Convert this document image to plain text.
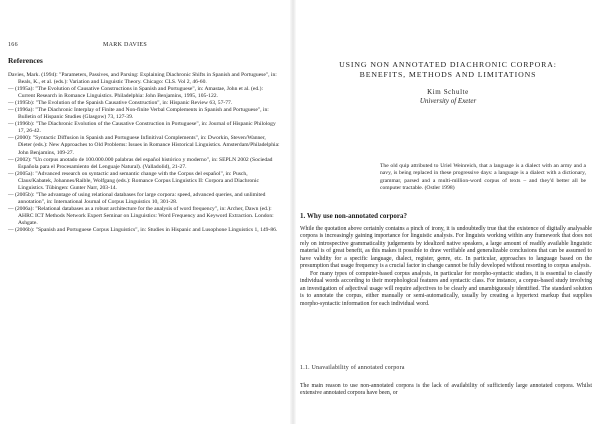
166	MARK DAVIES
References

Davies, Mark. (1994): "Parameters, Passives, and Parsing: Explaining Diachronic Shifts in Spanish and Portuguese", in: Beals, K., et al. (eds.): Variation and Linguistic Theory. Chicago: CLS. Vol 2, 46-60.

— (1995a): "The Evolution of Causative Constructions in Spanish and Portuguese", in: Amastae, John et al. (ed.): Current Research in Romance Linguistics. Philadelphia: John Benjamins, 1995, 105-122.

— (1995b): "The Evolution of the Spanish Causative Construction", in: Hispanic Review 63, 57-77.

— (1996a): "The Diachronic Interplay of Finite and Non-finite Verbal Complements in Spanish and Portuguese", in: Bulletin of Hispanic Studies (Glasgow) 73, 127-39.

— (1996b): "The Diachronic Evolution of the Causative Construction in Portuguese", in: Journal of Hispanic Philology 17, 26-42.

— (2000): "Syntactic Diffusion in Spanish and Portuguese Infinitival Complements", in: Dworkin, Steven/Wanner, Dieter (eds.): New Approaches to Old Problems: Issues in Romance Historical Linguistics. Amsterdam/Philadelphia: John Benjamins, 109-27.

— (2002): "Un corpus anotado de 100.000.000 palabras del español histórico y moderno", in: SEPLN 2002 (Sociedad Española para el Procesamiento del Lenguaje Natural). (Valladolid), 21-27.

— (2005a): "Advanced research on syntactic and semantic change with the Corpus del español", in: Pusch, Claus/Kabatek, Johannes/Raible, Wolfgang (eds.): Romance Corpus Linguistics II: Corpora and Diachronic Linguistics. Tübingen: Gunter Narr, 203-14.

— (2005b): "The advantage of using relational databases for large corpora: speed, advanced queries, and unlimited annotation", in: International Journal of Corpus Linguistics 10, 301-28.

— (2006a): "Relational databases as a robust architecture for the analysis of word frequency", in: Archer, Dawn (ed.): AHRC ICT Methods Network Expert Seminar on Linguistics: Word Frequency and Keyword Extraction. London: Ashgate.

— (2006b): "Spanish and Portuguese Corpus Linguistics", in: Studies in Hispanic and Lusophone Linguistics 1, 149-86.

USING NON ANNOTATED DIACHRONIC CORPORA:
BENEFITS, METHODS AND LIMITATIONS
Kim Schulte
University of Exeter
The old quip attributed to Uriel Weinreich, that a language is a dialect with an army and a navy, is being replaced in these progressive days: a language is a dialect with a dictionary, grammar, parsed and a multi-million-word corpus of texts – and they'd better all be computer tractable. (Ostler 1998)
1. Why use non-annotated corpora?

While the quotation above certainly contains a pinch of irony, it is undoubtedly true that the existence of digitally analysable corpora is increasingly gaining importance for linguistic analysis. For linguists working within any framework that does not rely on introspective grammaticality judgements by idealized native speakers, a large amount of readily available linguistic material is of great benefit, as this makes it possible to draw verifiable and generalizable conclusions that can be assumed to have validity for a specific language, dialect, register, genre, etc. In particular, approaches to language based on the presumption that usage frequency is a crucial factor in change cannot be fully developed without resorting to corpus analysis.

For many types of computer-based corpus analysis, in particular for morpho-syntactic studies, it is essential to classify individual words according to their morphological features and syntactic class. For instance, a corpus-based study involving an investigation of adjectival usage will require adjectives to be clearly and unambiguously identified. The standard solution is to annotate the corpus, either manually or semi-automatically, usually by creating a hypertext markup that supplies morpho-syntactic information for each individual word.

1.1. Unavailability of annotated corpora

The main reason to use non-annotated corpora is the lack of availability of sufficiently large annotated corpora. Whilst extensive annotated corpora have been, or
